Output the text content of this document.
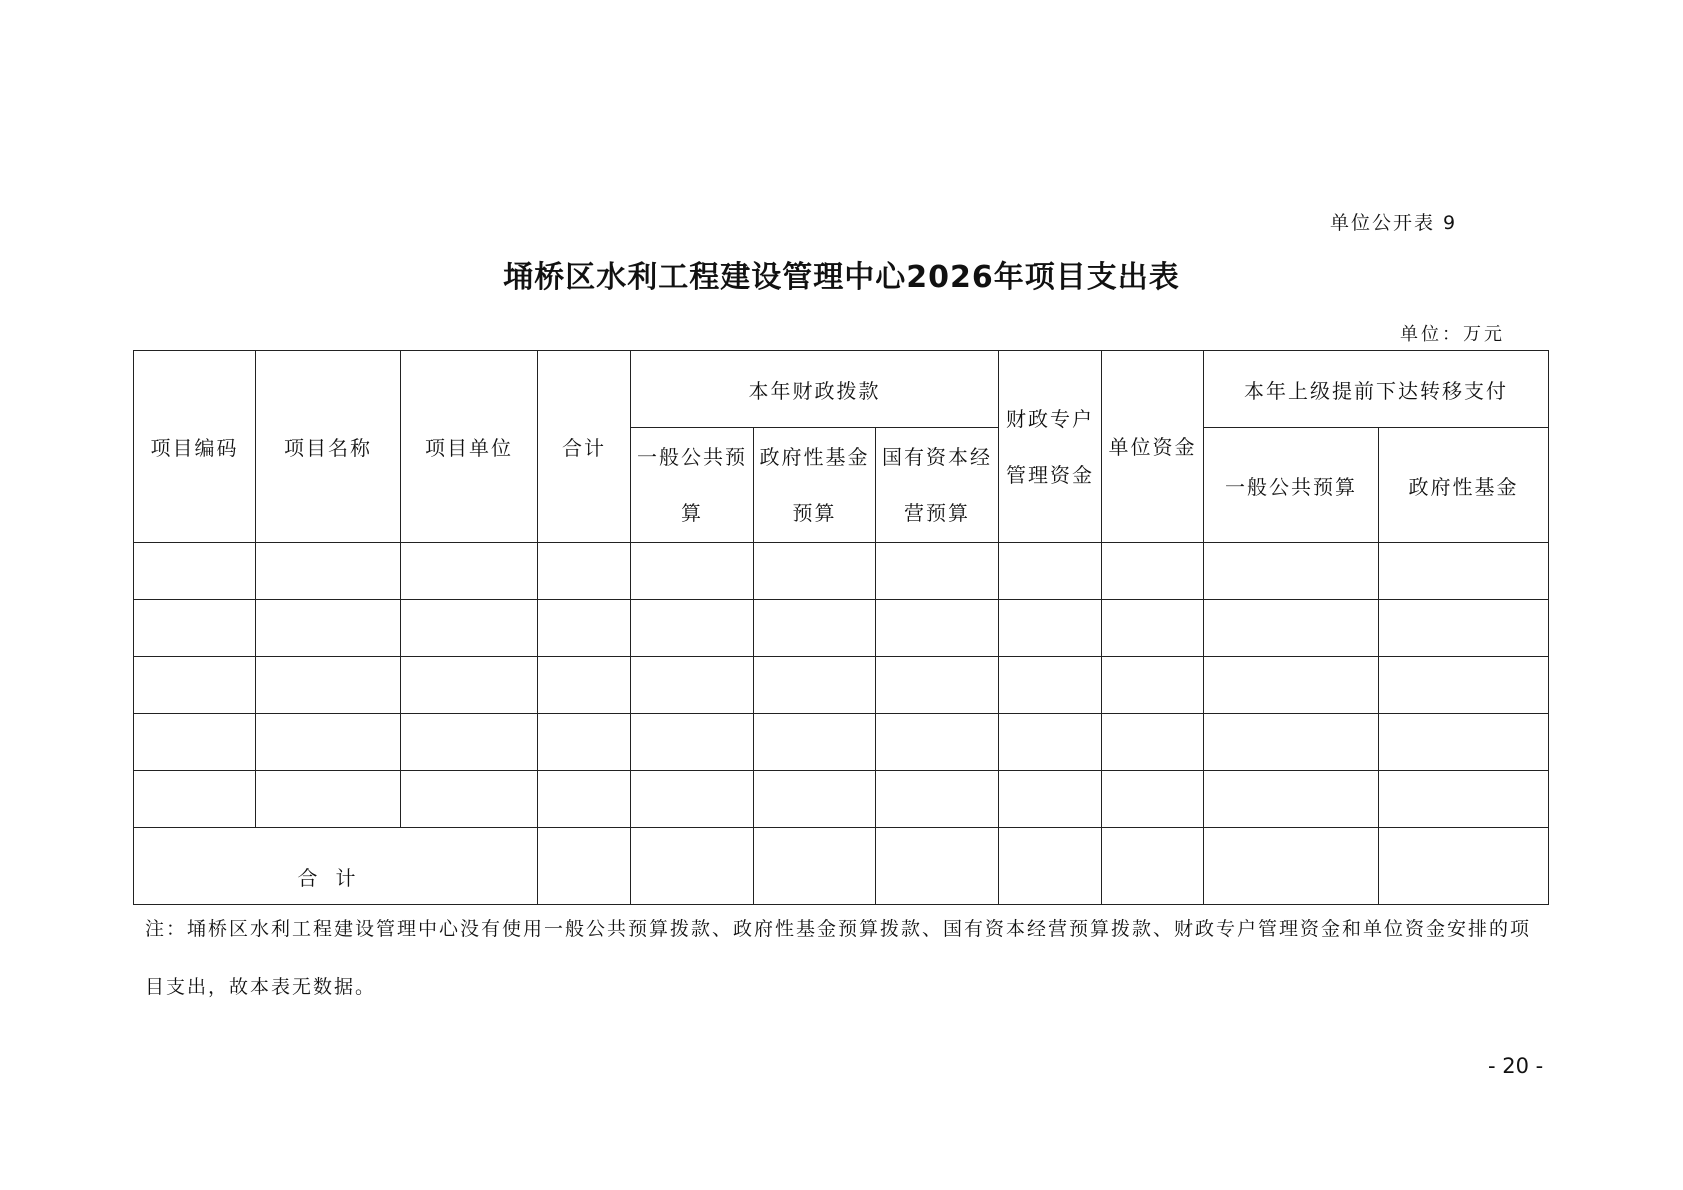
单位公开表 9
埇桥区水利工程建设管理中心2026年项目支出表
单位：万元
项目编码	项目名称	项目单位	合计	本年财政拨款			财政专户管理资金	单位资金	本年上级提前下达转移支付		
				一般公共预算	政府性基金预算	国有资本经营预算			一般公共预算	政府性基金	

合计											
注：埇桥区水利工程建设管理中心没有使用一般公共预算拨款、政府性基金预算拨款、国有资本经营预算拨款、财政专户管理资金和单位资金安排的项目支出，故本表无数据。
- 20 -
